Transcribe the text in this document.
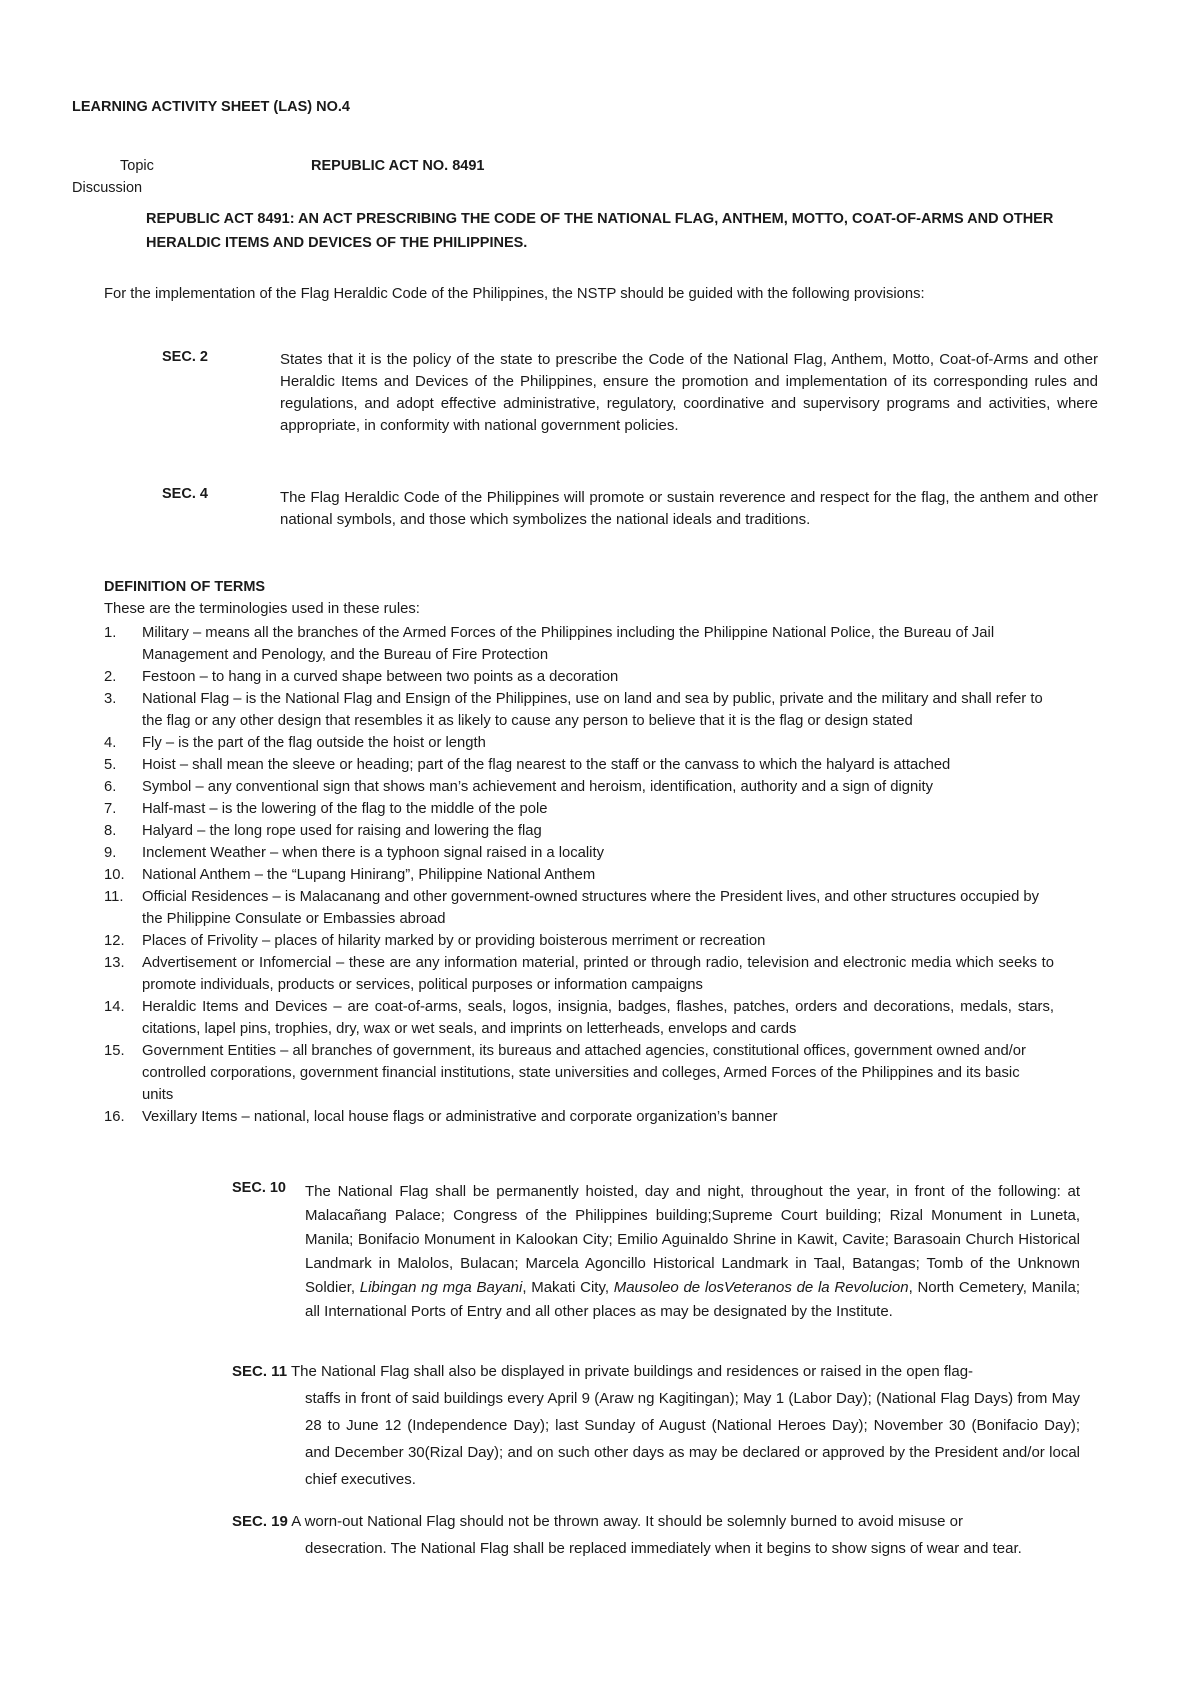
LEARNING ACTIVITY SHEET (LAS) NO.4
Topic	REPUBLIC ACT NO. 8491
Discussion
REPUBLIC ACT 8491: AN ACT PRESCRIBING THE CODE OF THE NATIONAL FLAG, ANTHEM, MOTTO, COAT-OF-ARMS AND OTHER HERALDIC ITEMS AND DEVICES OF THE PHILIPPINES.
For the implementation of the Flag Heraldic Code of the Philippines, the NSTP should be guided with the following provisions:
SEC. 2	States that it is the policy of the state to prescribe the Code of the National Flag, Anthem, Motto, Coat-of-Arms and other Heraldic Items and Devices of the Philippines, ensure the promotion and implementation of its corresponding rules and regulations, and adopt effective administrative, regulatory, coordinative and supervisory programs and activities, where appropriate, in conformity with national government policies.
SEC. 4	The Flag Heraldic Code of the Philippines will promote or sustain reverence and respect for the flag, the anthem and other national symbols, and those which symbolizes the national ideals and traditions.
DEFINITION OF TERMS
These are the terminologies used in these rules:
1.	Military – means all the branches of the Armed Forces of the Philippines including the Philippine National Police, the Bureau of Jail Management and Penology, and the Bureau of Fire Protection
2.	Festoon – to hang in a curved shape between two points as a decoration
3.	National Flag – is the National Flag and Ensign of the Philippines, use on land and sea by public, private and the military and shall refer to the flag or any other design that resembles it as likely to cause any person to believe that it is the flag or design stated
4.	Fly – is the part of the flag outside the hoist or length
5.	Hoist – shall mean the sleeve or heading; part of the flag nearest to the staff or the canvass to which the halyard is attached
6.	Symbol – any conventional sign that shows man’s achievement and heroism, identification, authority and a sign of dignity
7.	Half-mast – is the lowering of the flag to the middle of the pole
8.	Halyard – the long rope used for raising and lowering the flag
9.	Inclement Weather – when there is a typhoon signal raised in a locality
10.	National Anthem – the “Lupang Hinirang”, Philippine National Anthem
11.	Official Residences – is Malacanang and other government-owned structures where the President lives, and other structures occupied by the Philippine Consulate or Embassies abroad
12.	Places of Frivolity – places of hilarity marked by or providing boisterous merriment or recreation
13.	Advertisement or Infomercial – these are any information material, printed or through radio, television and electronic media which seeks to promote individuals, products or services, political purposes or information campaigns
14.	Heraldic Items and Devices – are coat-of-arms, seals, logos, insignia, badges, flashes, patches, orders and decorations, medals, stars, citations, lapel pins, trophies, dry, wax or wet seals, and imprints on letterheads, envelops and cards
15.	Government Entities – all branches of government, its bureaus and attached agencies, constitutional offices, government owned and/or controlled corporations, government financial institutions, state universities and colleges, Armed Forces of the Philippines and its basic units
16.	Vexillary Items – national, local house flags or administrative and corporate organization’s banner
SEC. 10 The National Flag shall be permanently hoisted, day and night, throughout the year, in front of the following: at Malacañang Palace; Congress of the Philippines building;Supreme Court building; Rizal Monument in Luneta, Manila; Bonifacio Monument in Kalookan City; Emilio Aguinaldo Shrine in Kawit, Cavite; Barasoain Church Historical Landmark in Malolos, Bulacan; Marcela Agoncillo Historical Landmark in Taal, Batangas; Tomb of the Unknown Soldier, Libingan ng mga Bayani, Makati City, Mausoleo de losVeteranos de la Revolucion, North Cemetery, Manila; all International Ports of Entry and all other places as may be designated by the Institute.
SEC. 11 The National Flag shall also be displayed in private buildings and residences or raised in the open flag-
staffs in front of said buildings every April 9 (Araw ng Kagitingan); May 1 (Labor Day); (National Flag Days) from May 28 to June 12 (Independence Day); last Sunday of August (National Heroes Day); November 30 (Bonifacio Day); and December 30(Rizal Day); and on such other days as may be declared or approved by the President and/or local chief executives.
SEC. 19 A worn-out National Flag should not be thrown away. It should be solemnly burned to avoid misuse or
desecration. The National Flag shall be replaced immediately when it begins to show signs of wear and tear.
